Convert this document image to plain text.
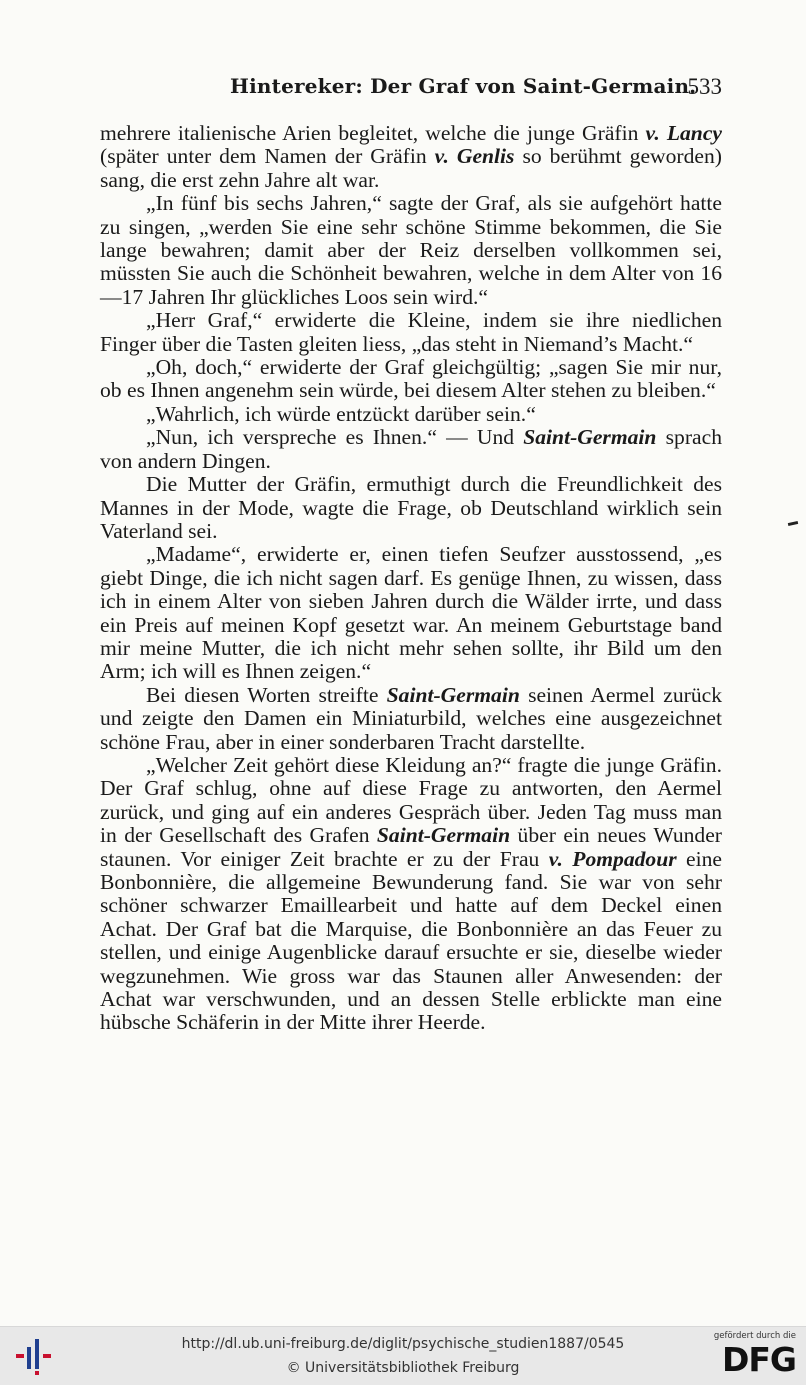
Hintereker: Der Graf von Saint-Germain.
533

mehrere italienische Arien begleitet, welche die junge Gräfin v. Lancy (später unter dem Namen der Gräfin v. Genlis so berühmt geworden) sang, die erst zehn Jahre alt war.

„In fünf bis sechs Jahren,“ sagte der Graf, als sie aufgehört hatte zu singen, „werden Sie eine sehr schöne Stimme bekommen, die Sie lange bewahren; damit aber der Reiz derselben vollkommen sei, müssten Sie auch die Schönheit bewahren, welche in dem Alter von 16—17 Jahren Ihr glückliches Loos sein wird.“

„Herr Graf,“ erwiderte die Kleine, indem sie ihre niedlichen Finger über die Tasten gleiten liess, „das steht in Niemand’s Macht.“

„Oh, doch,“ erwiderte der Graf gleichgültig; „sagen Sie mir nur, ob es Ihnen angenehm sein würde, bei diesem Alter stehen zu bleiben.“

„Wahrlich, ich würde entzückt darüber sein.“

„Nun, ich verspreche es Ihnen.“ — Und Saint-Germain sprach von andern Dingen.

Die Mutter der Gräfin, ermuthigt durch die Freundlichkeit des Mannes in der Mode, wagte die Frage, ob Deutschland wirklich sein Vaterland sei.

„Madame“, erwiderte er, einen tiefen Seufzer ausstossend, „es giebt Dinge, die ich nicht sagen darf. Es genüge Ihnen, zu wissen, dass ich in einem Alter von sieben Jahren durch die Wälder irrte, und dass ein Preis auf meinen Kopf gesetzt war. An meinem Geburtstage band mir meine Mutter, die ich nicht mehr sehen sollte, ihr Bild um den Arm; ich will es Ihnen zeigen.“

Bei diesen Worten streifte Saint-Germain seinen Aermel zurück und zeigte den Damen ein Miniaturbild, welches eine ausgezeichnet schöne Frau, aber in einer sonderbaren Tracht darstellte.

„Welcher Zeit gehört diese Kleidung an?“ fragte die junge Gräfin. Der Graf schlug, ohne auf diese Frage zu antworten, den Aermel zurück, und ging auf ein anderes Gespräch über. Jeden Tag muss man in der Gesellschaft des Grafen Saint-Germain über ein neues Wunder staunen. Vor einiger Zeit brachte er zu der Frau v. Pompadour eine Bonbonnière, die allgemeine Bewunderung fand. Sie war von sehr schöner schwarzer Emaillearbeit und hatte auf dem Deckel einen Achat. Der Graf bat die Marquise, die Bonbonnière an das Feuer zu stellen, und einige Augenblicke darauf ersuchte er sie, dieselbe wieder wegzunehmen. Wie gross war das Staunen aller Anwesenden: der Achat war verschwunden, und an dessen Stelle erblickte man eine hübsche Schäferin in der Mitte ihrer Heerde.

http://dl.ub.uni-freiburg.de/diglit/psychische_studien1887/0545
© Universitätsbibliothek Freiburg
gefördert durch die
DFG
